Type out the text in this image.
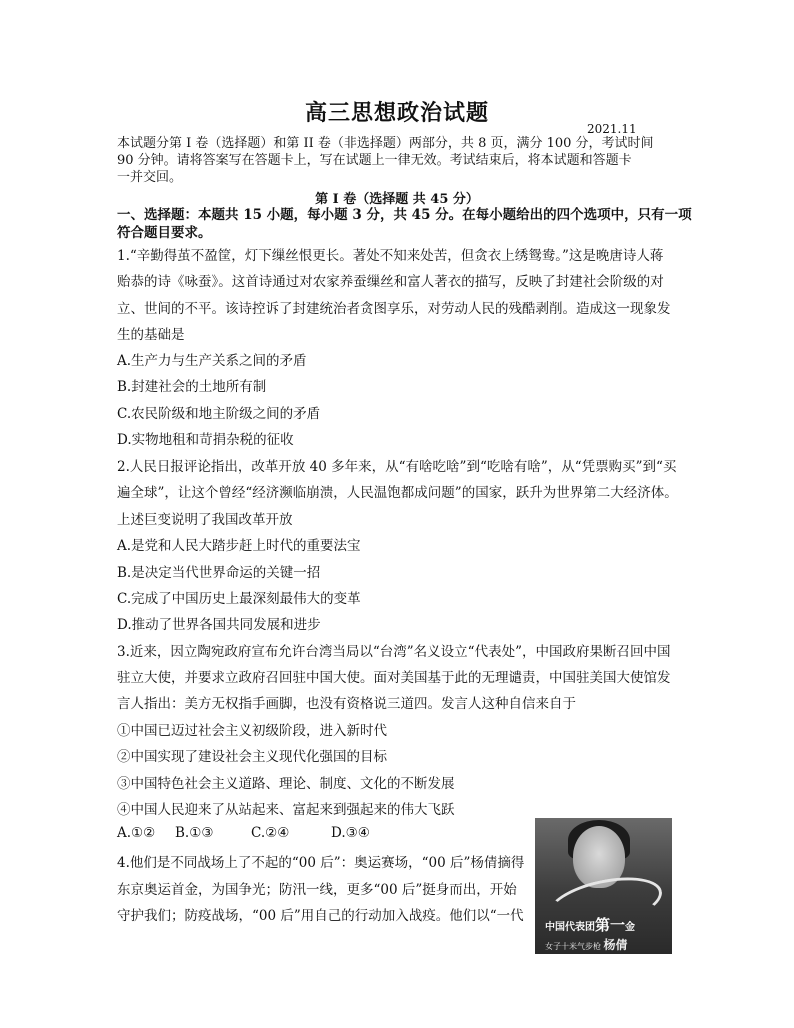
高三思想政治试题
2021.11
本试题分第 I 卷（选择题）和第 II 卷（非选择题）两部分，共 8 页，满分 100 分，考试时间
90 分钟。请将答案写在答题卡上，写在试题上一律无效。考试结束后，将本试题和答题卡
一并交回。
第 I 卷（选择题 共 45 分）
一、选择题：本题共 15 小题，每小题 3 分，共 45 分。在每小题给出的四个选项中，只有一项
符合题目要求。
1.“辛勤得茧不盈筐，灯下缫丝恨更长。著处不知来处苦，但贪衣上绣鸳鸯。”这是晚唐诗人蒋
贻恭的诗《咏蚕》。这首诗通过对农家养蚕缫丝和富人著衣的描写，反映了封建社会阶级的对
立、世间的不平。该诗控诉了封建统治者贪图享乐，对劳动人民的残酷剥削。造成这一现象发
生的基础是
A.生产力与生产关系之间的矛盾
B.封建社会的土地所有制
C.农民阶级和地主阶级之间的矛盾
D.实物地租和苛捐杂税的征收
2.人民日报评论指出，改革开放 40 多年来，从“有啥吃啥”到“吃啥有啥”，从“凭票购买”到“买
遍全球”，让这个曾经“经济濒临崩溃，人民温饱都成问题”的国家，跃升为世界第二大经济体。
上述巨变说明了我国改革开放
A.是党和人民大踏步赶上时代的重要法宝
B.是决定当代世界命运的关键一招
C.完成了中国历史上最深刻最伟大的变革
D.推动了世界各国共同发展和进步
3.近来，因立陶宛政府宣布允许台湾当局以“台湾”名义设立“代表处”，中国政府果断召回中国
驻立大使，并要求立政府召回驻中国大使。面对美国基于此的无理谴责，中国驻美国大使馆发
言人指出：美方无权指手画脚，也没有资格说三道四。发言人这种自信来自于
①中国已迈过社会主义初级阶段，进入新时代
②中国实现了建设社会主义现代化强国的目标
③中国特色社会主义道路、理论、制度、文化的不断发展
④中国人民迎来了从站起来、富起来到强起来的伟大飞跃
A.①② B.①③	C.②④	D.③④
4.他们是不同战场上了不起的“00 后”：奥运赛场，“00 后”杨倩摘得
东京奥运首金，为国争光；防汛一线，更多“00 后”挺身而出，开始
守护我们；防疫战场，“00 后”用自己的行动加入战疫。他们以“一代
中国代表团第一金
女子十米气步枪 杨倩
